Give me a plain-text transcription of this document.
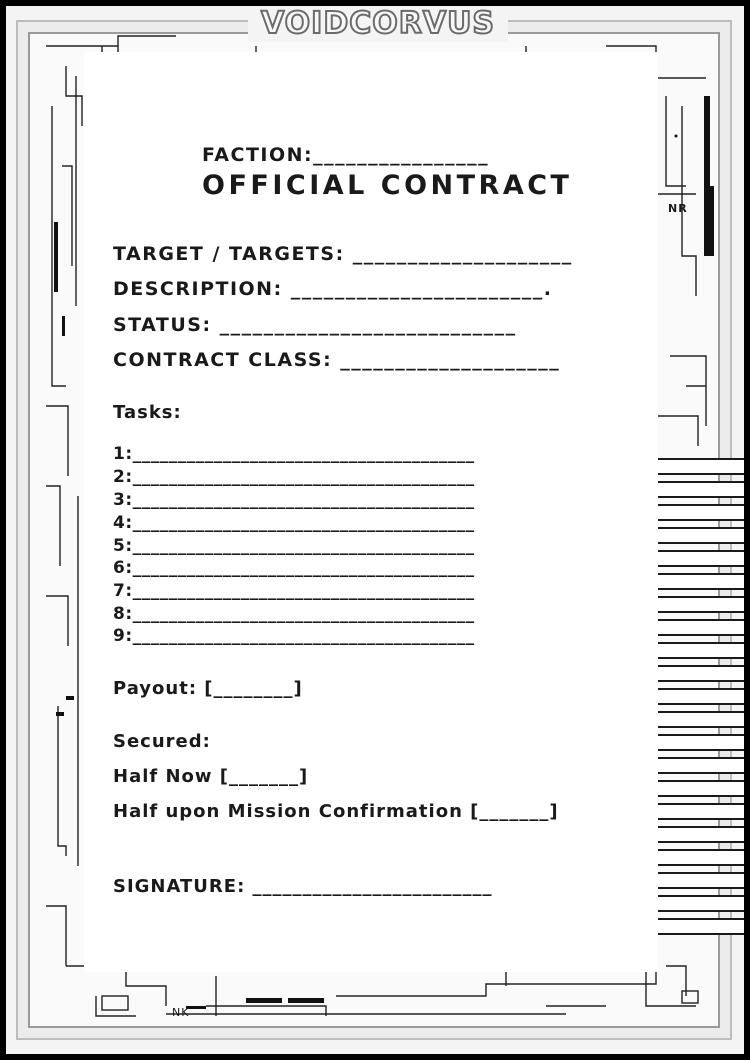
VOIDCORVUS
NR
NK
FACTION:________________
OFFICIAL CONTRACT
TARGET / TARGETS: ____________________
DESCRIPTION: _______________________.
STATUS: ___________________________
CONTRACT CLASS: ____________________
Tasks:
1:______________________________________
2:______________________________________
3:______________________________________
4:______________________________________
5:______________________________________
6:______________________________________
7:______________________________________
8:______________________________________
9:______________________________________
Payout: [________]
Secured:
Half Now [_______]
Half upon Mission Confirmation [_______]
SIGNATURE: ________________________
